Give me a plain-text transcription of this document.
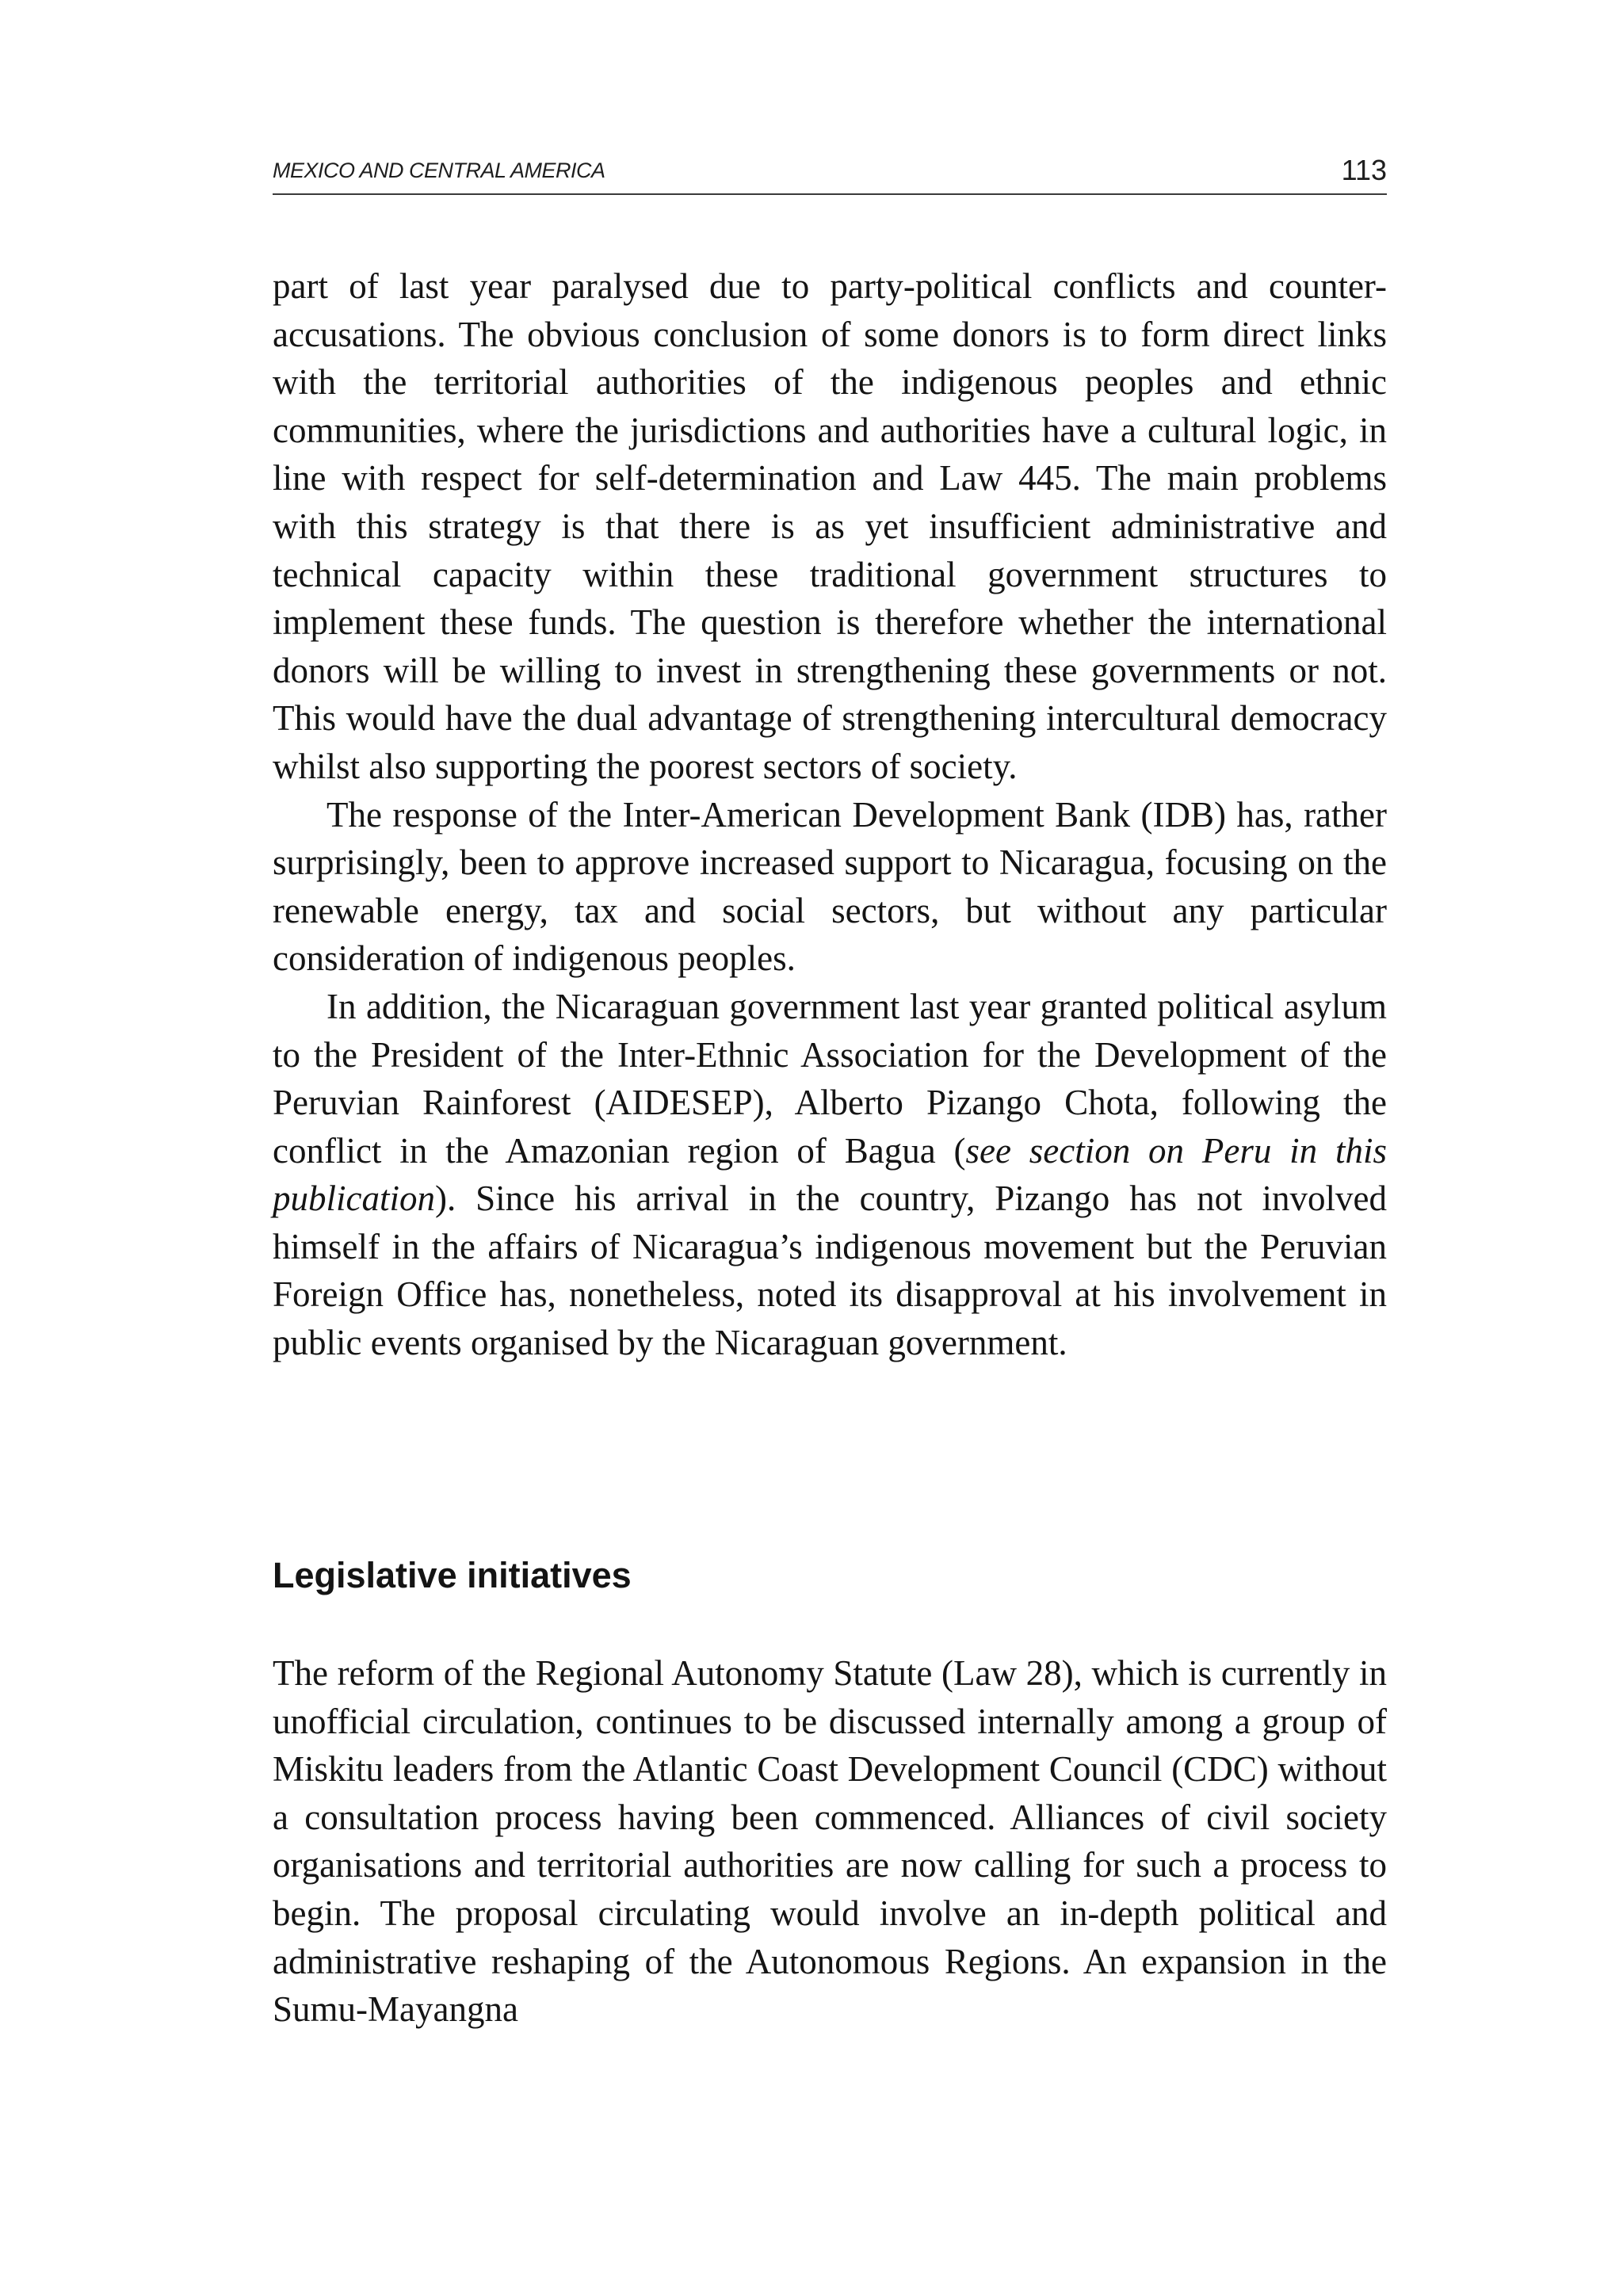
MEXICO AND CENTRAL AMERICA	113

part of last year paralysed due to party-political conflicts and counter-accusations. The obvious conclusion of some donors is to form direct links with the territorial authorities of the indigenous peoples and ethnic communities, where the jurisdictions and authorities have a cultural logic, in line with respect for self-determination and Law 445. The main problems with this strategy is that there is as yet insufficient administrative and technical capacity within these traditional government structures to implement these funds. The question is therefore whether the international donors will be willing to invest in strengthening these governments or not. This would have the dual advantage of strengthening intercultural democracy whilst also supporting the poorest sectors of society.

The response of the Inter-American Development Bank (IDB) has, rather surprisingly, been to approve increased support to Nicaragua, focusing on the renewable energy, tax and social sectors, but without any particular consideration of indigenous peoples.

In addition, the Nicaraguan government last year granted political asylum to the President of the Inter-Ethnic Association for the Development of the Peruvian Rainforest (AIDESEP), Alberto Pizango Chota, following the conflict in the Amazonian region of Bagua (see section on Peru in this publication). Since his arrival in the country, Pizango has not involved himself in the affairs of Nicaragua’s indigenous movement but the Peruvian Foreign Office has, nonetheless, noted its disapproval at his involvement in public events organised by the Nicaraguan government.

Legislative initiatives

The reform of the Regional Autonomy Statute (Law 28), which is currently in unofficial circulation, continues to be discussed internally among a group of Miskitu leaders from the Atlantic Coast Development Council (CDC) without a consultation process having been commenced. Alliances of civil society organisations and territorial authorities are now calling for such a process to begin. The proposal circulating would involve an in-depth political and administrative reshaping of the Autonomous Regions. An expansion in the Sumu-Mayangna
